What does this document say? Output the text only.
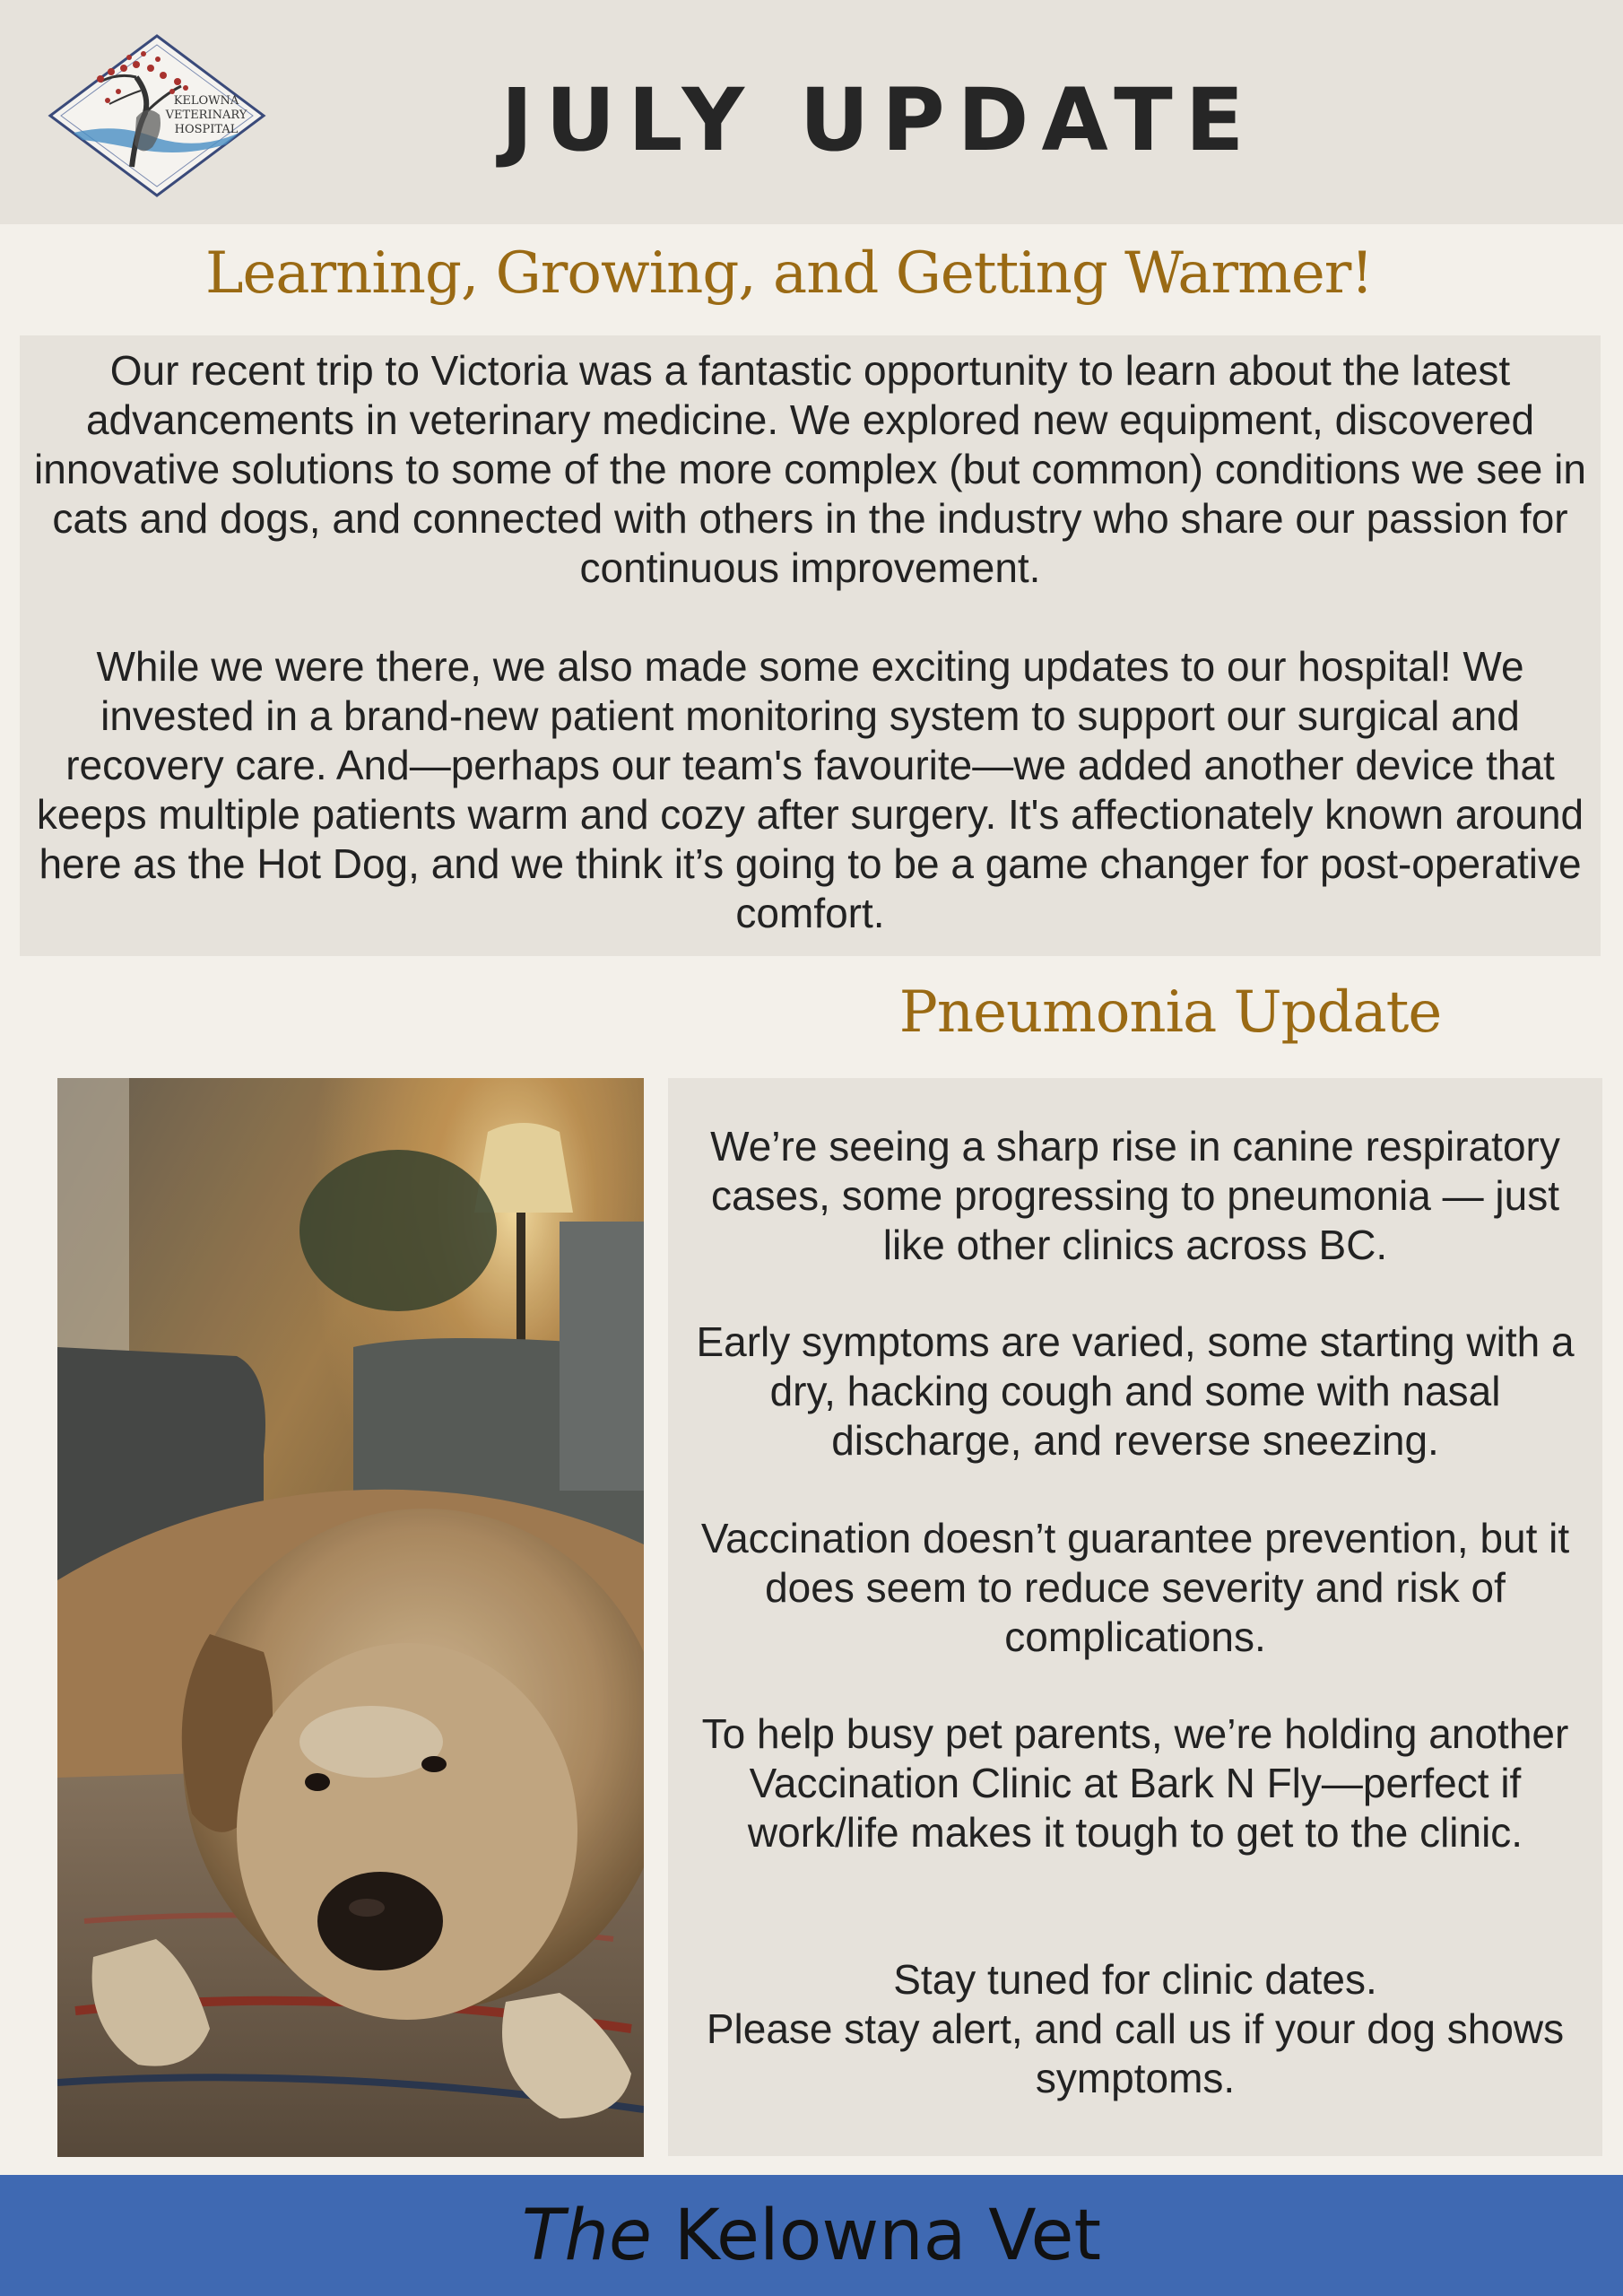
KELOWNA
VETERINARY
HOSPITAL	JULY UPDATE
Learning, Growing, and Getting Warmer!
Our recent trip to Victoria was a fantastic opportunity to learn about the latest advancements in veterinary medicine. We explored new equipment, discovered innovative solutions to some of the more complex (but common) conditions we see in cats and dogs, and connected with others in the industry who share our passion for continuous improvement.
While we were there, we also made some exciting updates to our hospital! We invested in a brand-new patient monitoring system to support our surgical and recovery care. And—perhaps our team's favourite—we added another device that keeps multiple patients warm and cozy after surgery. It's affectionately known around here as the Hot Dog, and we think it’s going to be a game changer for post-operative comfort.
Pneumonia Update
We’re seeing a sharp rise in canine respiratory cases, some progressing to pneumonia — just like other clinics across BC.
Early symptoms are varied, some starting with a dry, hacking cough and some with nasal discharge, and reverse sneezing.
Vaccination doesn’t guarantee prevention, but it does seem to reduce severity and risk of complications.
To help busy pet parents, we’re holding another Vaccination Clinic at Bark N Fly—perfect if work/life makes it tough to get to the clinic.
Stay tuned for clinic dates.
Please stay alert, and call us if your dog shows symptoms.
The Kelowna Vet
